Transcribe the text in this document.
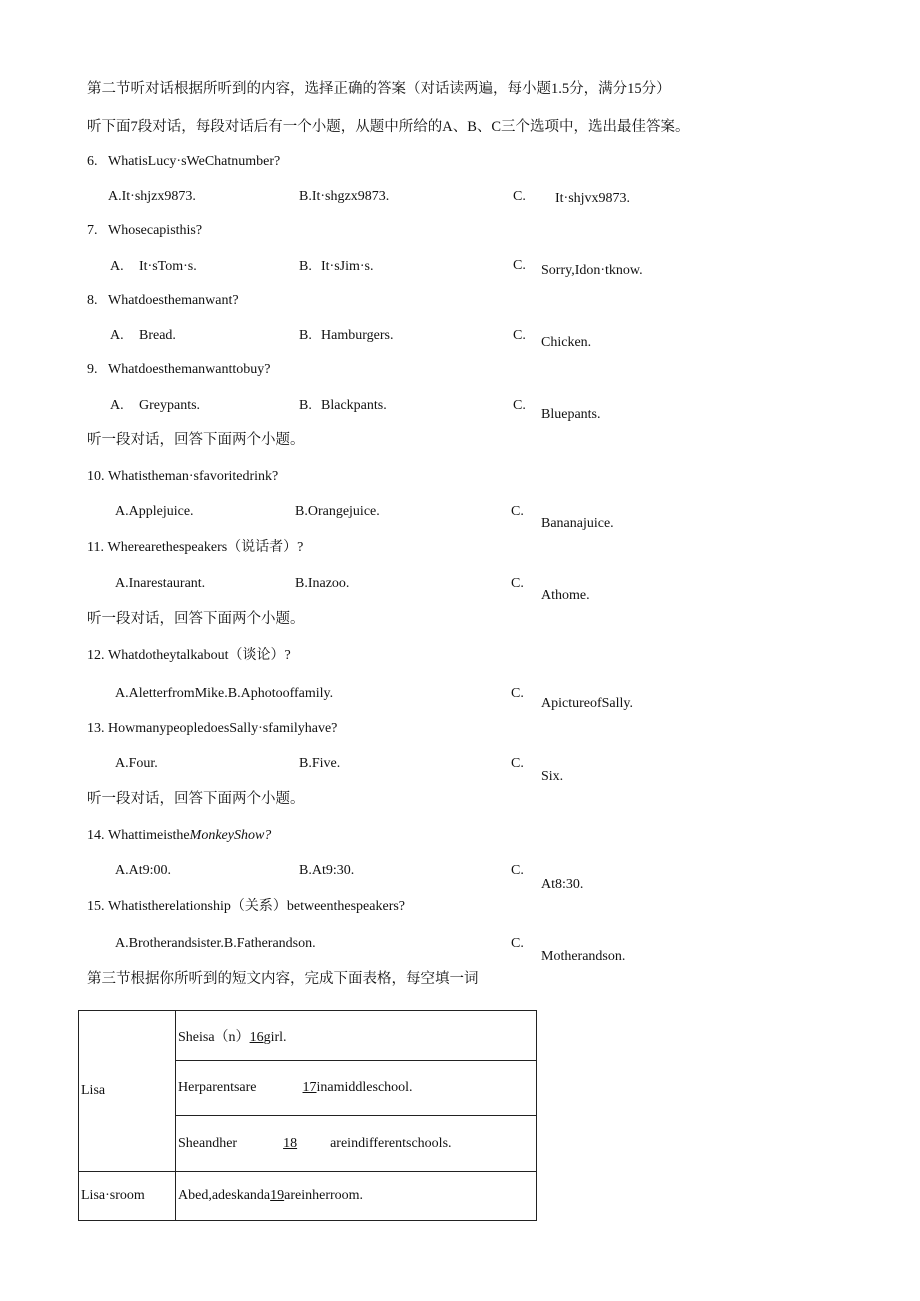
第二节听对话根据所听到的内容，选择正确的答案（对话读两遍，每小题1.5分，满分15分）
听下面7段对话，每段对话后有一个小题，从题中所给的A、B、C三个选项中，选出最佳答案。
6. WhatisLucy·sWeChatnumber?
A.It·shjzx9873.	B.It·shgzx9873.	C. It·shjvx9873.
7. Whosecapisthis?
A. It·sTom·s.	B. It·sJim·s.	C. Sorry,Idon·tknow.
8. Whatdoesthemanwant?
A. Bread.	B. Hamburgers.	C. Chicken.
9. Whatdoesthemanwanttobuy?
A. Greypants.	B. Blackpants.	C.
Bluepants.
听一段对话，回答下面两个小题。
10. Whatistheman·sfavoritedrink?
A.Applejuice.	B.Orangejuice.	C.
Bananajuice.
11. Wherearethespeakers（说话者）?
A.Inarestaurant.	B.Inazoo.	C.
Athome.
听一段对话，回答下面两个小题。
12. Whatdotheytalkabout（谈论）?
A.AletterfromMike.B.Aphotooffamily.	C.
ApictureofSally.
13. HowmanypeopledoesSally·sfamilyhave?
A.Four.	B.Five.	C.
Six.
听一段对话，回答下面两个小题。
14. WhattimeistheMonkeyShow?
A.At9:00.	B.At9:30.	C.
At8:30.
15. Whatistherelationship（关系）betweenthespeakers?
A.Brotherandsister.B.Fatherandson.	C.
Motherandson.
第三节根据你所听到的短文内容，完成下面表格，每空填一词
Lisa	Sheisa（n）16girl.
	Herparentsare 17inamiddleschool.
	Sheandher 18 areindifferentschools.
Lisa·sroom	Abed,adeskanda19areinherroom.
